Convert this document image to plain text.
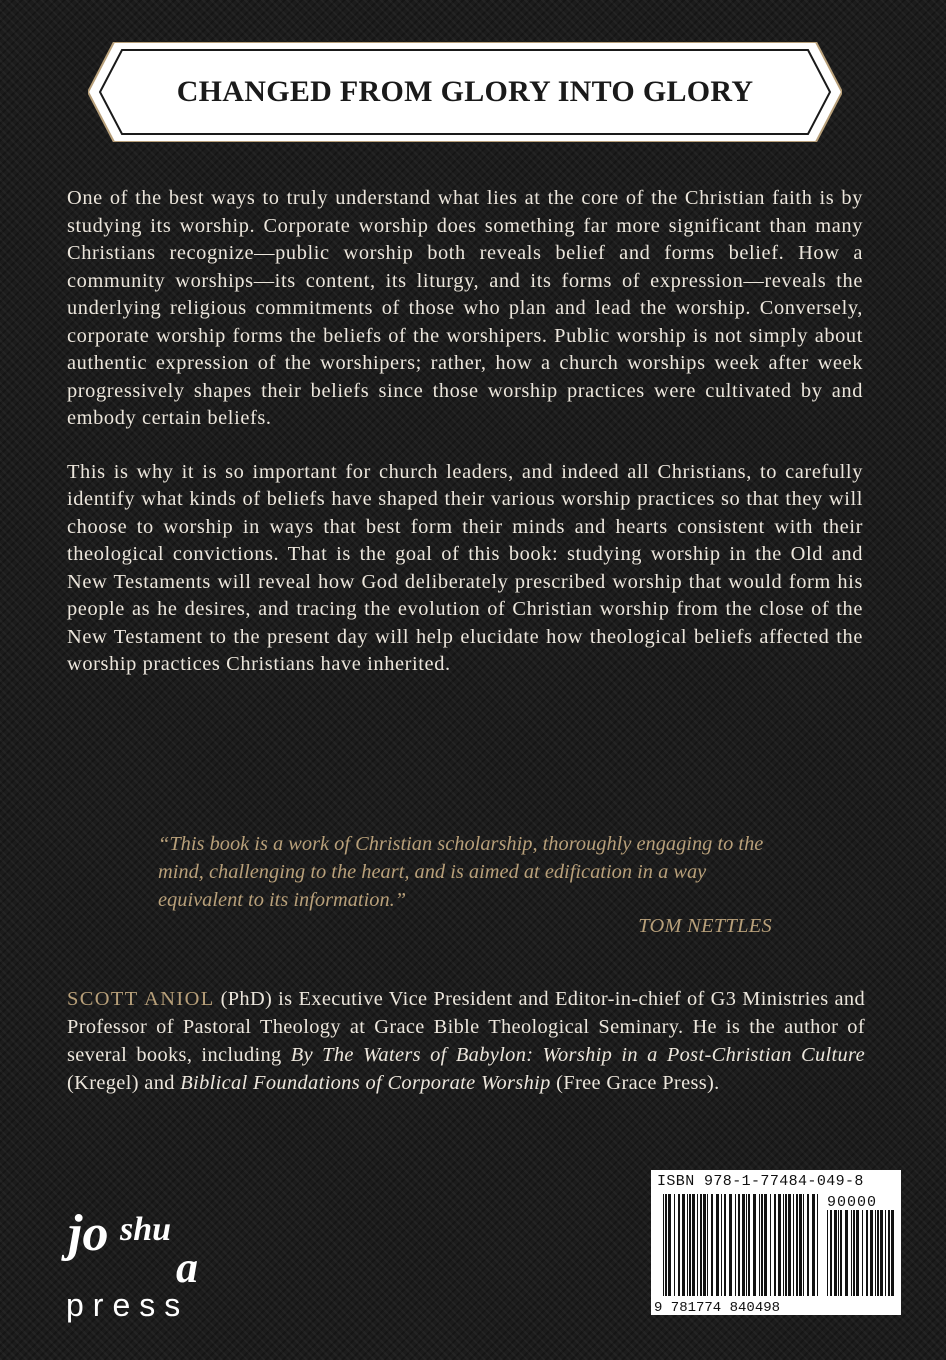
CHANGED FROM GLORY INTO GLORY

One of the best ways to truly understand what lies at the core of the Christian faith is by studying its worship. Corporate worship does something far more significant than many Christians recognize—public worship both reveals belief and forms belief. How a community worships—its content, its liturgy, and its forms of expression—reveals the underlying religious commitments of those who plan and lead the worship. Conversely, corporate worship forms the beliefs of the worshipers. Public worship is not simply about authentic expression of the worshipers; rather, how a church worships week after week progressively shapes their beliefs since those worship practices were cultivated by and embody certain beliefs.

This is why it is so important for church leaders, and indeed all Christians, to carefully identify what kinds of beliefs have shaped their various worship practices so that they will choose to worship in ways that best form their minds and hearts consistent with their theological convictions. That is the goal of this book: studying worship in the Old and New Testaments will reveal how God deliberately prescribed worship that would form his people as he desires, and tracing the evolution of Christian worship from the close of the New Testament to the present day will help elucidate how theological beliefs affected the worship practices Christians have inherited.

“This book is a work of Christian scholarship, thoroughly engaging to the mind, challenging to the heart, and is aimed at edification in a way equivalent to its information.”

TOM NETTLES
SCOTT ANIOL (PhD) is Executive Vice President and Editor-in-chief of G3 Ministries and Professor of Pastoral Theology at Grace Bible Theological Seminary. He is the author of several books, including By The Waters of Babylon: Worship in a Post-Christian Culture (Kregel) and Biblical Foundations of Corporate Worship (Free Grace Press).
jo shu
a
press
90000
9 781774 840498
ISBN 978-1-77484-049-8
